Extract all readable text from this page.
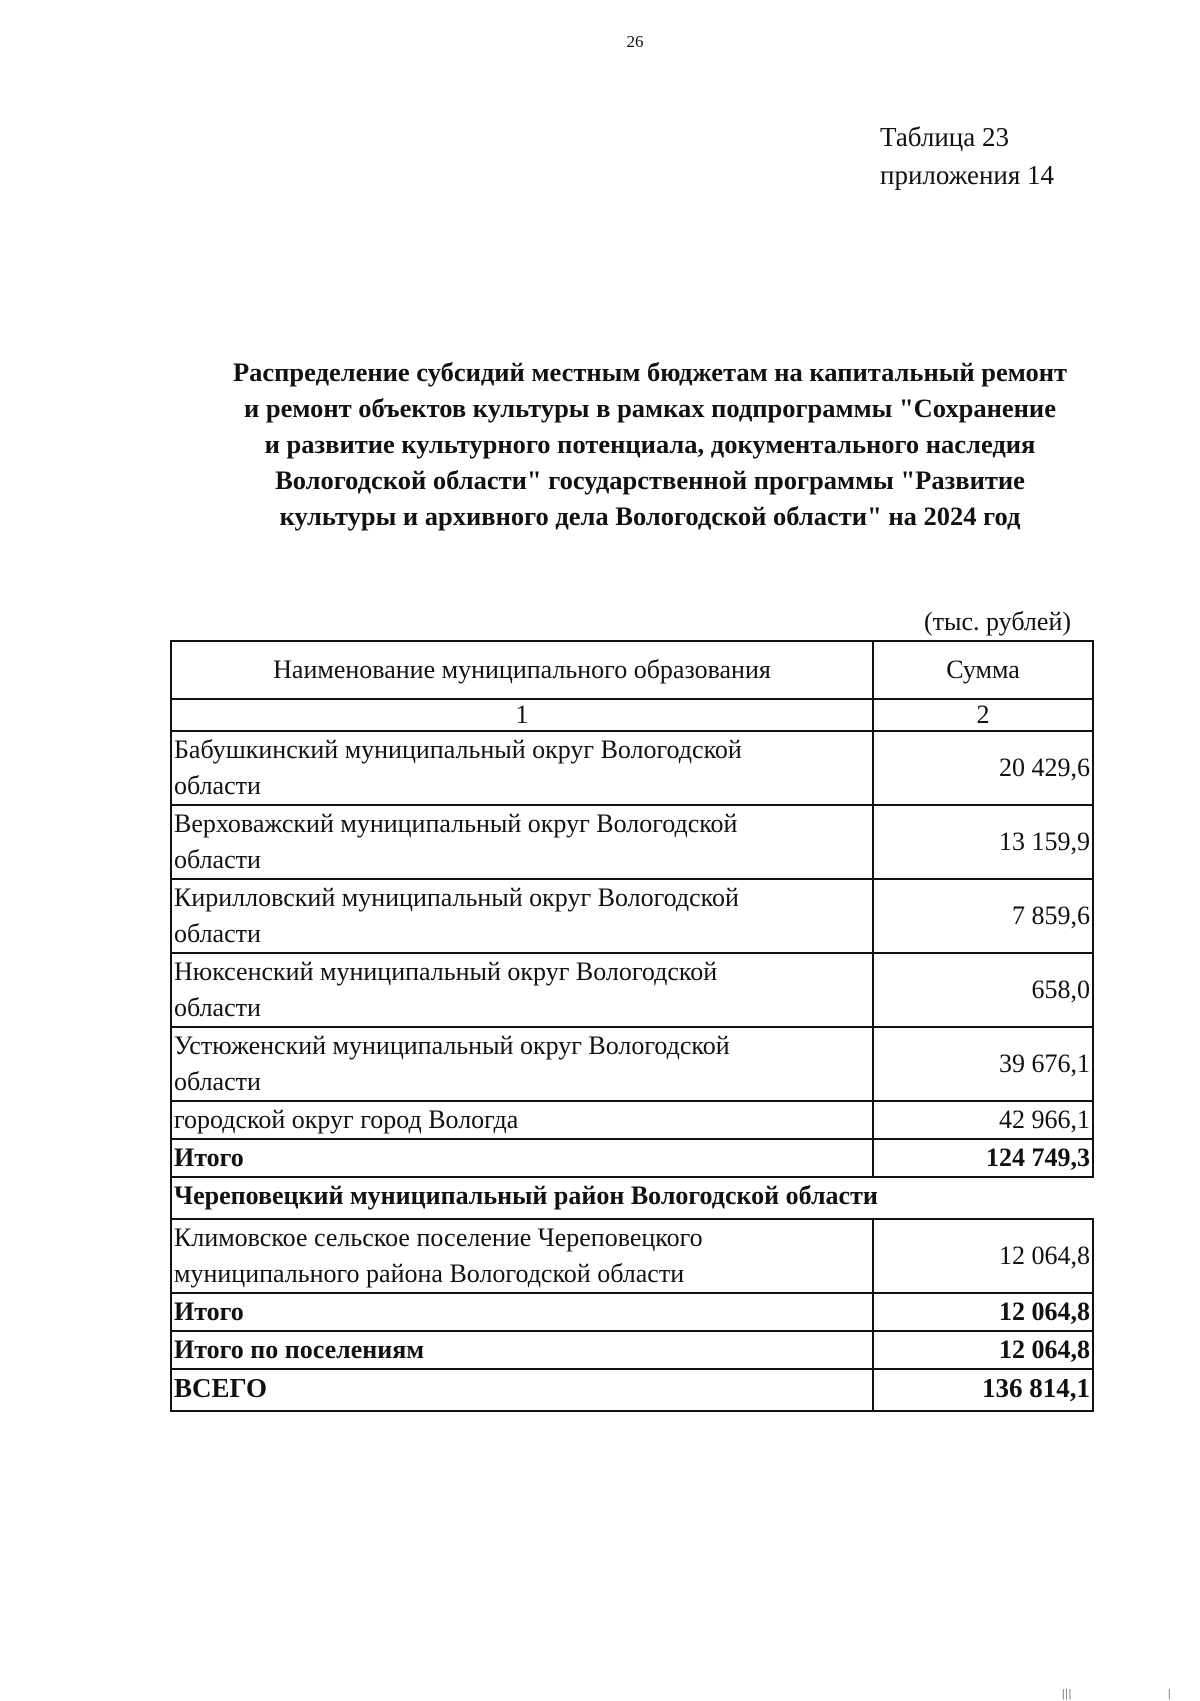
26
Таблица 23
приложения 14
Распределение субсидий местным бюджетам на капитальный ремонт
и ремонт объектов культуры в рамках подпрограммы "Сохранение
и развитие культурного потенциала, документального наследия
Вологодской области" государственной программы "Развитие
культуры и архивного дела Вологодской области" на 2024 год
(тыс. рублей)
Наименование муниципального образования	Сумма
1	2

Бабушкинский муниципальный округ Вологодской
области	20 429,6

Верховажский муниципальный округ Вологодской
области	13 159,9

Кирилловский муниципальный округ Вологодской
области	7 859,6

Нюксенский муниципальный округ Вологодской
области	658,0

Устюженский муниципальный округ Вологодской
области	39 676,1
городской округ город Вологда	42 966,1
Итого	124 749,3
Череповецкий муниципальный район Вологодской области	

Климовское сельское поселение Череповецкого
муниципального района Вологодской области	12 064,8
Итого	12 064,8
Итого по поселениям	12 064,8
ВСЕГО	136 814,1
|||	|
